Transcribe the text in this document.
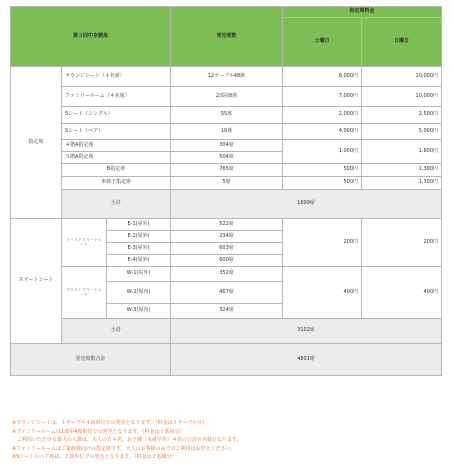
第３回中京競馬			発売席数	指定席料金	
				土曜日	日曜日
指定席	ラウンジシート（４名席）		12テーブル48席	8,000円	10,000円
	ファミリールーム（４名席）		2部屋8席	7,000円	10,000円
	Sシート（シングル）		55席	2,000円	2,500円
	Sシート（ペア）		10席	4,000円	5,000円
	４階A指定席		304席	1,000円	1,800円
	５階A指定席		504席		
	B指定席		765席	500円	1,300円
	車椅子指定席		5席	500円	1,300円
	小計		1699席		
スマートシート	イーストスマートシート	E-1(屋外)	522席	200円	200円
		E-2(屋外)	234席		
		E-3(屋外)	603席		
		E-4(屋外)	600席		
	ウエストスマートシート	W-1(屋外)	352席	400円	400円
		W-2(屋内)	467席		
		W-3(屋内)	324席		
	小計		3102席		
発売席数合計			4801席		
※ラウンジシートは、１テーブル４席単位での発売となります。（料金は１テーブル分）
※ファミリールームは1部屋4席単位での発売となります。（料金は１部屋分）
　ご利用いただける最大の人数は、大人の方４名、お子様（未就学児）４名の合計８名様となります。
※ファミリールームはご家族様向けの指定席です。大人のお客様のみでのご利用はお控えください。
※Sシートのペア席は、２席単位での発売となります。（料金は２名様分）
